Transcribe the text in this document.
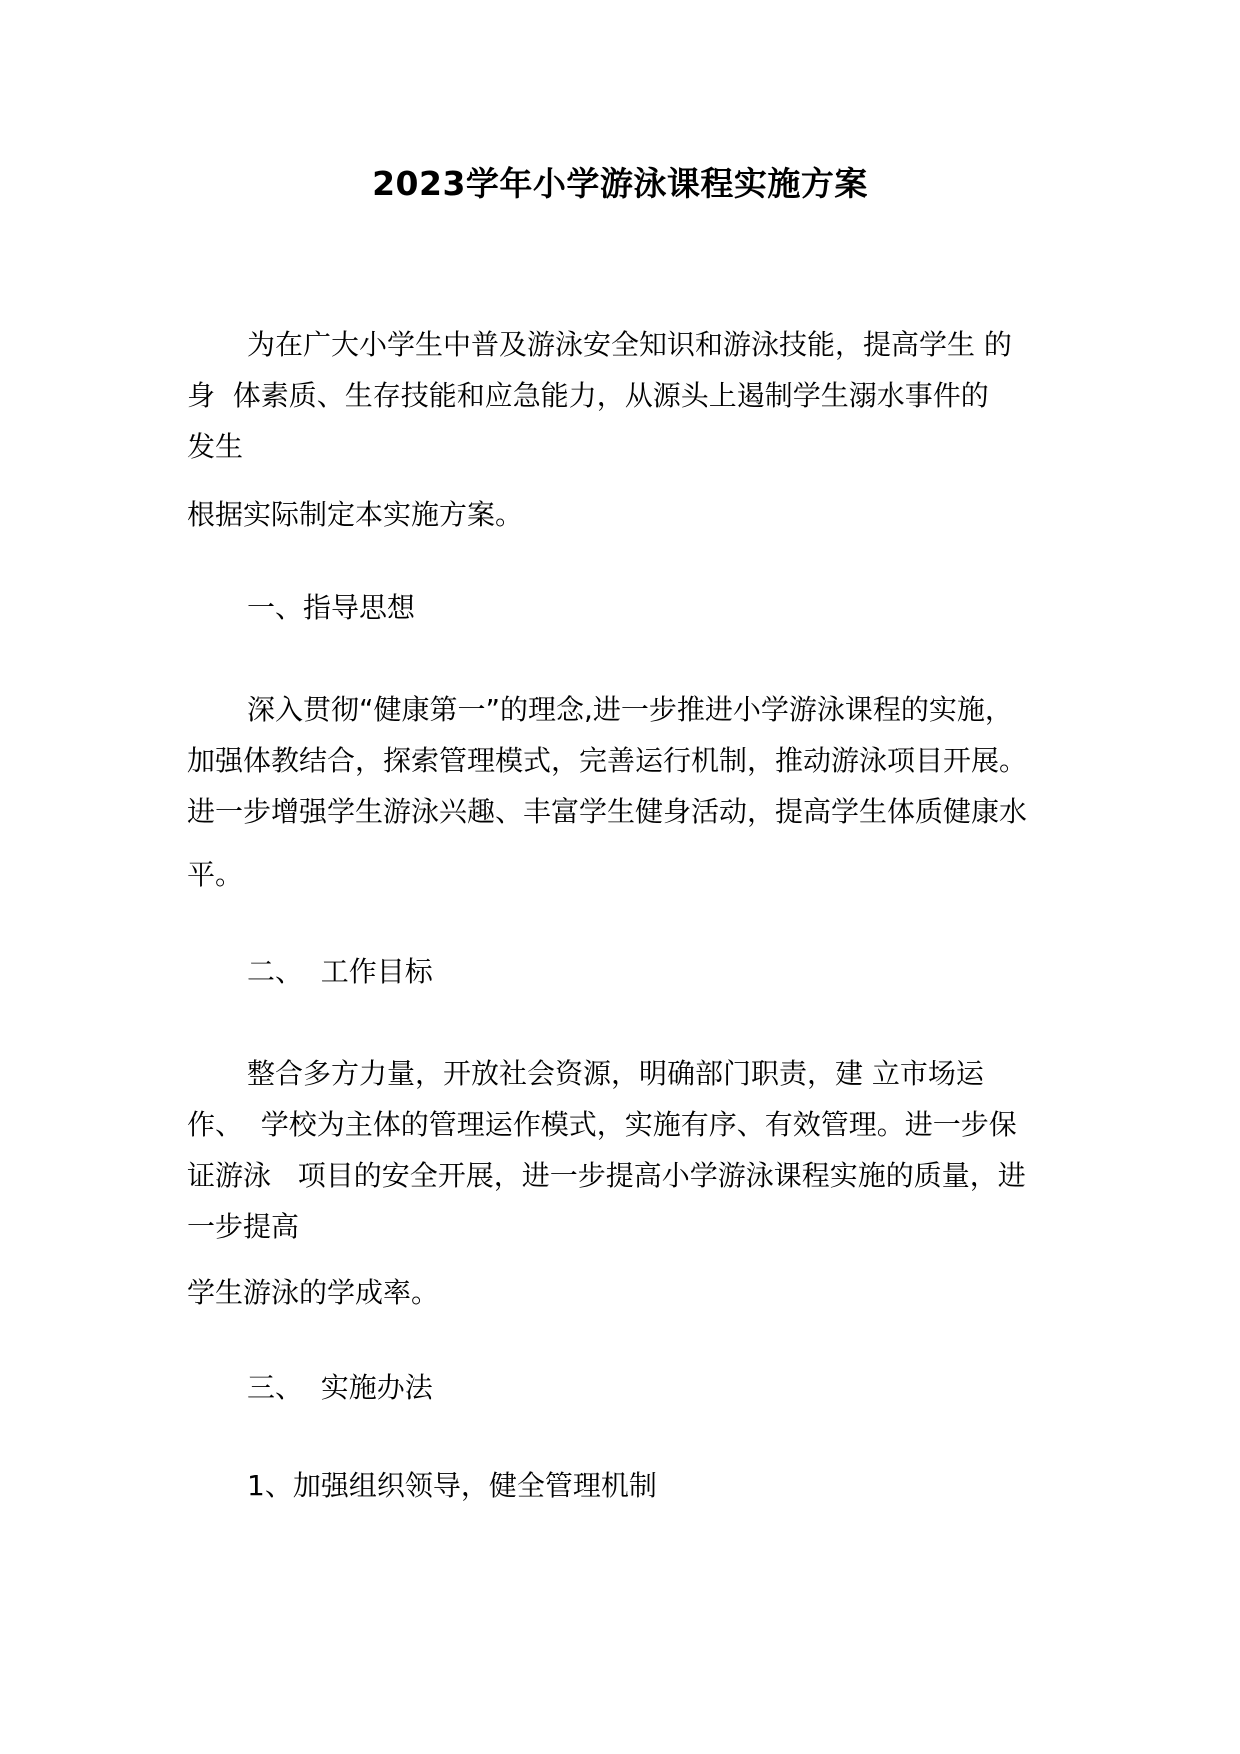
2023学年小学游泳课程实施方案
为在广大小学生中普及游泳安全知识和游泳技能，提高学生 的
身  体素质、生存技能和应急能力，从源头上遏制学生溺水事件的
发生
根据实际制定本实施方案。
一、指导思想
深入贯彻“健康第一”的理念,进一步推进小学游泳课程的实施，
加强体教结合，探索管理模式，完善运行机制，推动游泳项目开展。
进一步增强学生游泳兴趣、丰富学生健身活动，提高学生体质健康水
平。
二、  工作目标
整合多方力量，开放社会资源，明确部门职责，建 立市场运
作、  学校为主体的管理运作模式，实施有序、有效管理。进一步保
证游泳   项目的安全开展，进一步提高小学游泳课程实施的质量，进
一步提高
学生游泳的学成率。
三、  实施办法
1、加强组织领导，健全管理机制
